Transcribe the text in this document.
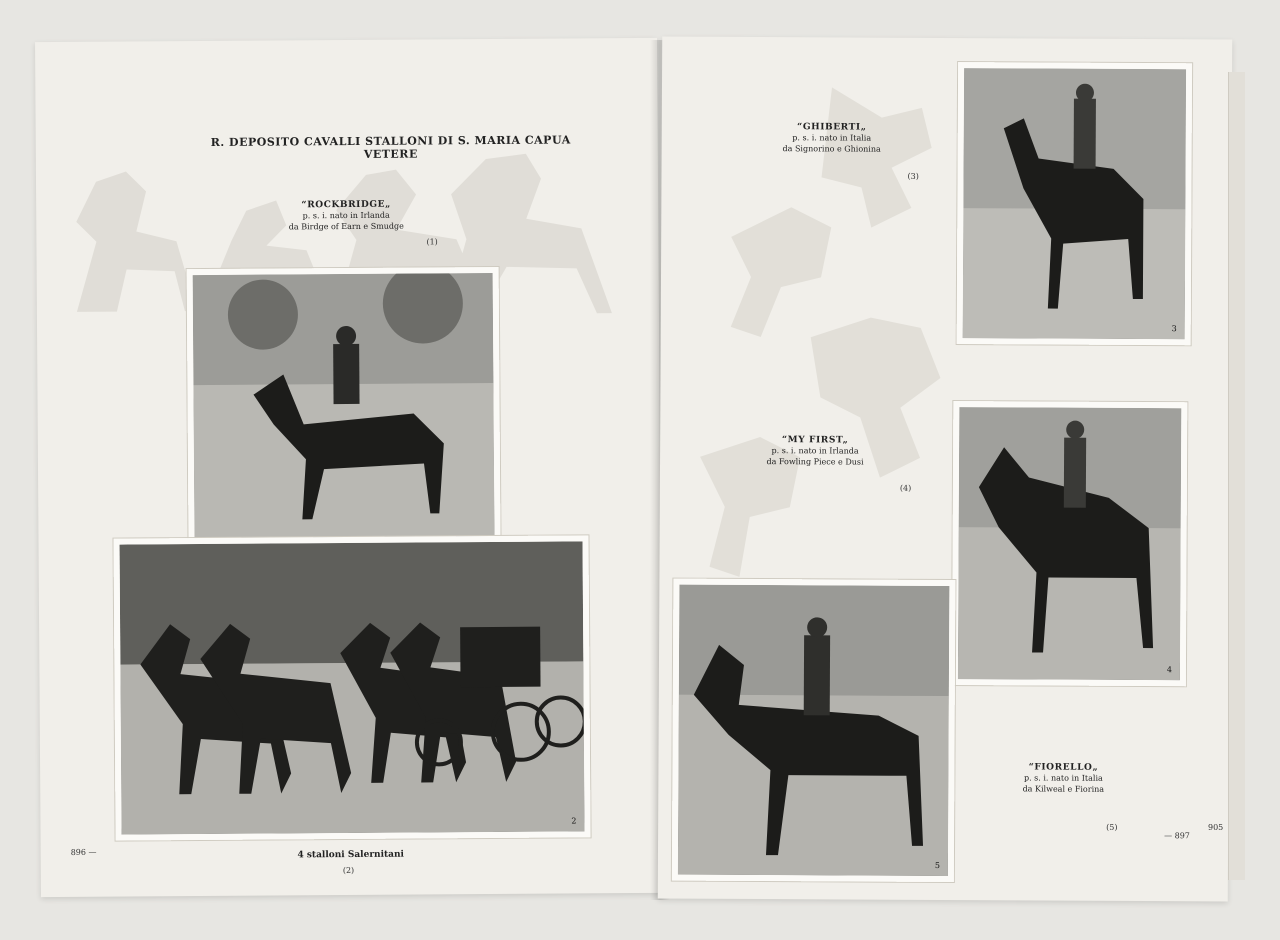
R. DEPOSITO CAVALLI STALLONI DI S. MARIA CAPUA VETERE
“ROCKBRIDGE„
p. s. i. nato in Irlanda
da Birdge of Earn e Smudge
(1)
2
896 —	4 stalloni Salernitani
(2)
“GHIBERTI„
p. s. i. nato in Italia
da Signorino e Ghionina
(3)
3
“MY FIRST„
p. s. i. nato in Irlanda
da Fowling Piece e Dusi
(4)
4
5
“FIORELLO„
p. s. i. nato in Italia
da Kilweal e Fiorina
(5)
— 897
905
